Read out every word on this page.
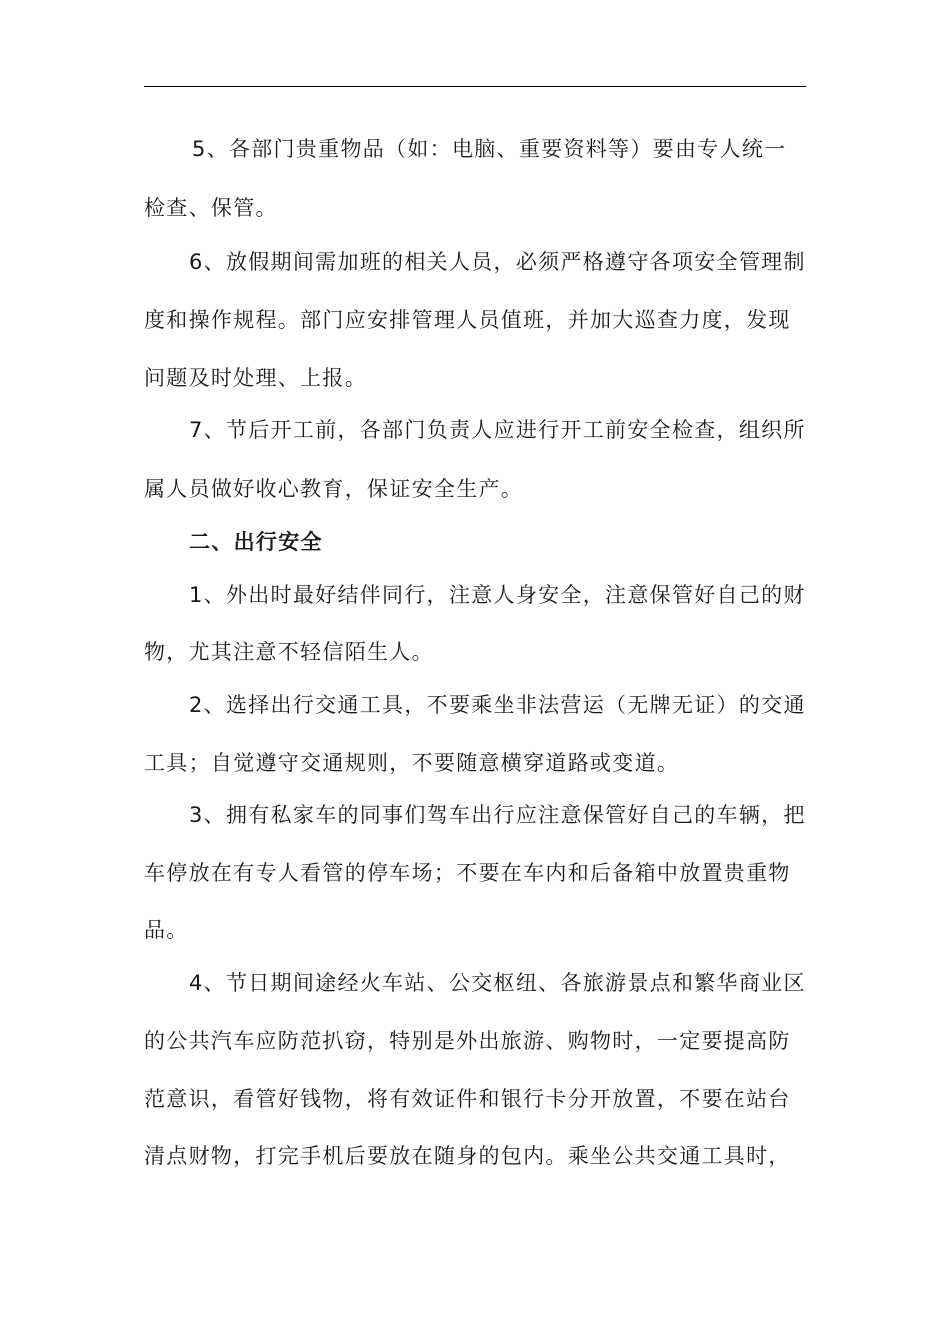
5、各部门贵重物品（如：电脑、重要资料等）要由专人统一
检查、保管。
6、放假期间需加班的相关人员，必须严格遵守各项安全管理制
度和操作规程。部门应安排管理人员值班，并加大巡查力度，发现
问题及时处理、上报。
7、节后开工前，各部门负责人应进行开工前安全检查，组织所
属人员做好收心教育，保证安全生产。
二、出行安全
1、外出时最好结伴同行，注意人身安全，注意保管好自己的财
物，尤其注意不轻信陌生人。
2、选择出行交通工具，不要乘坐非法营运（无牌无证）的交通
工具；自觉遵守交通规则，不要随意横穿道路或变道。
3、拥有私家车的同事们驾车出行应注意保管好自己的车辆，把
车停放在有专人看管的停车场；不要在车内和后备箱中放置贵重物
品。
4、节日期间途经火车站、公交枢纽、各旅游景点和繁华商业区
的公共汽车应防范扒窃，特别是外出旅游、购物时，一定要提高防
范意识，看管好钱物，将有效证件和银行卡分开放置，不要在站台
清点财物，打完手机后要放在随身的包内。乘坐公共交通工具时，
